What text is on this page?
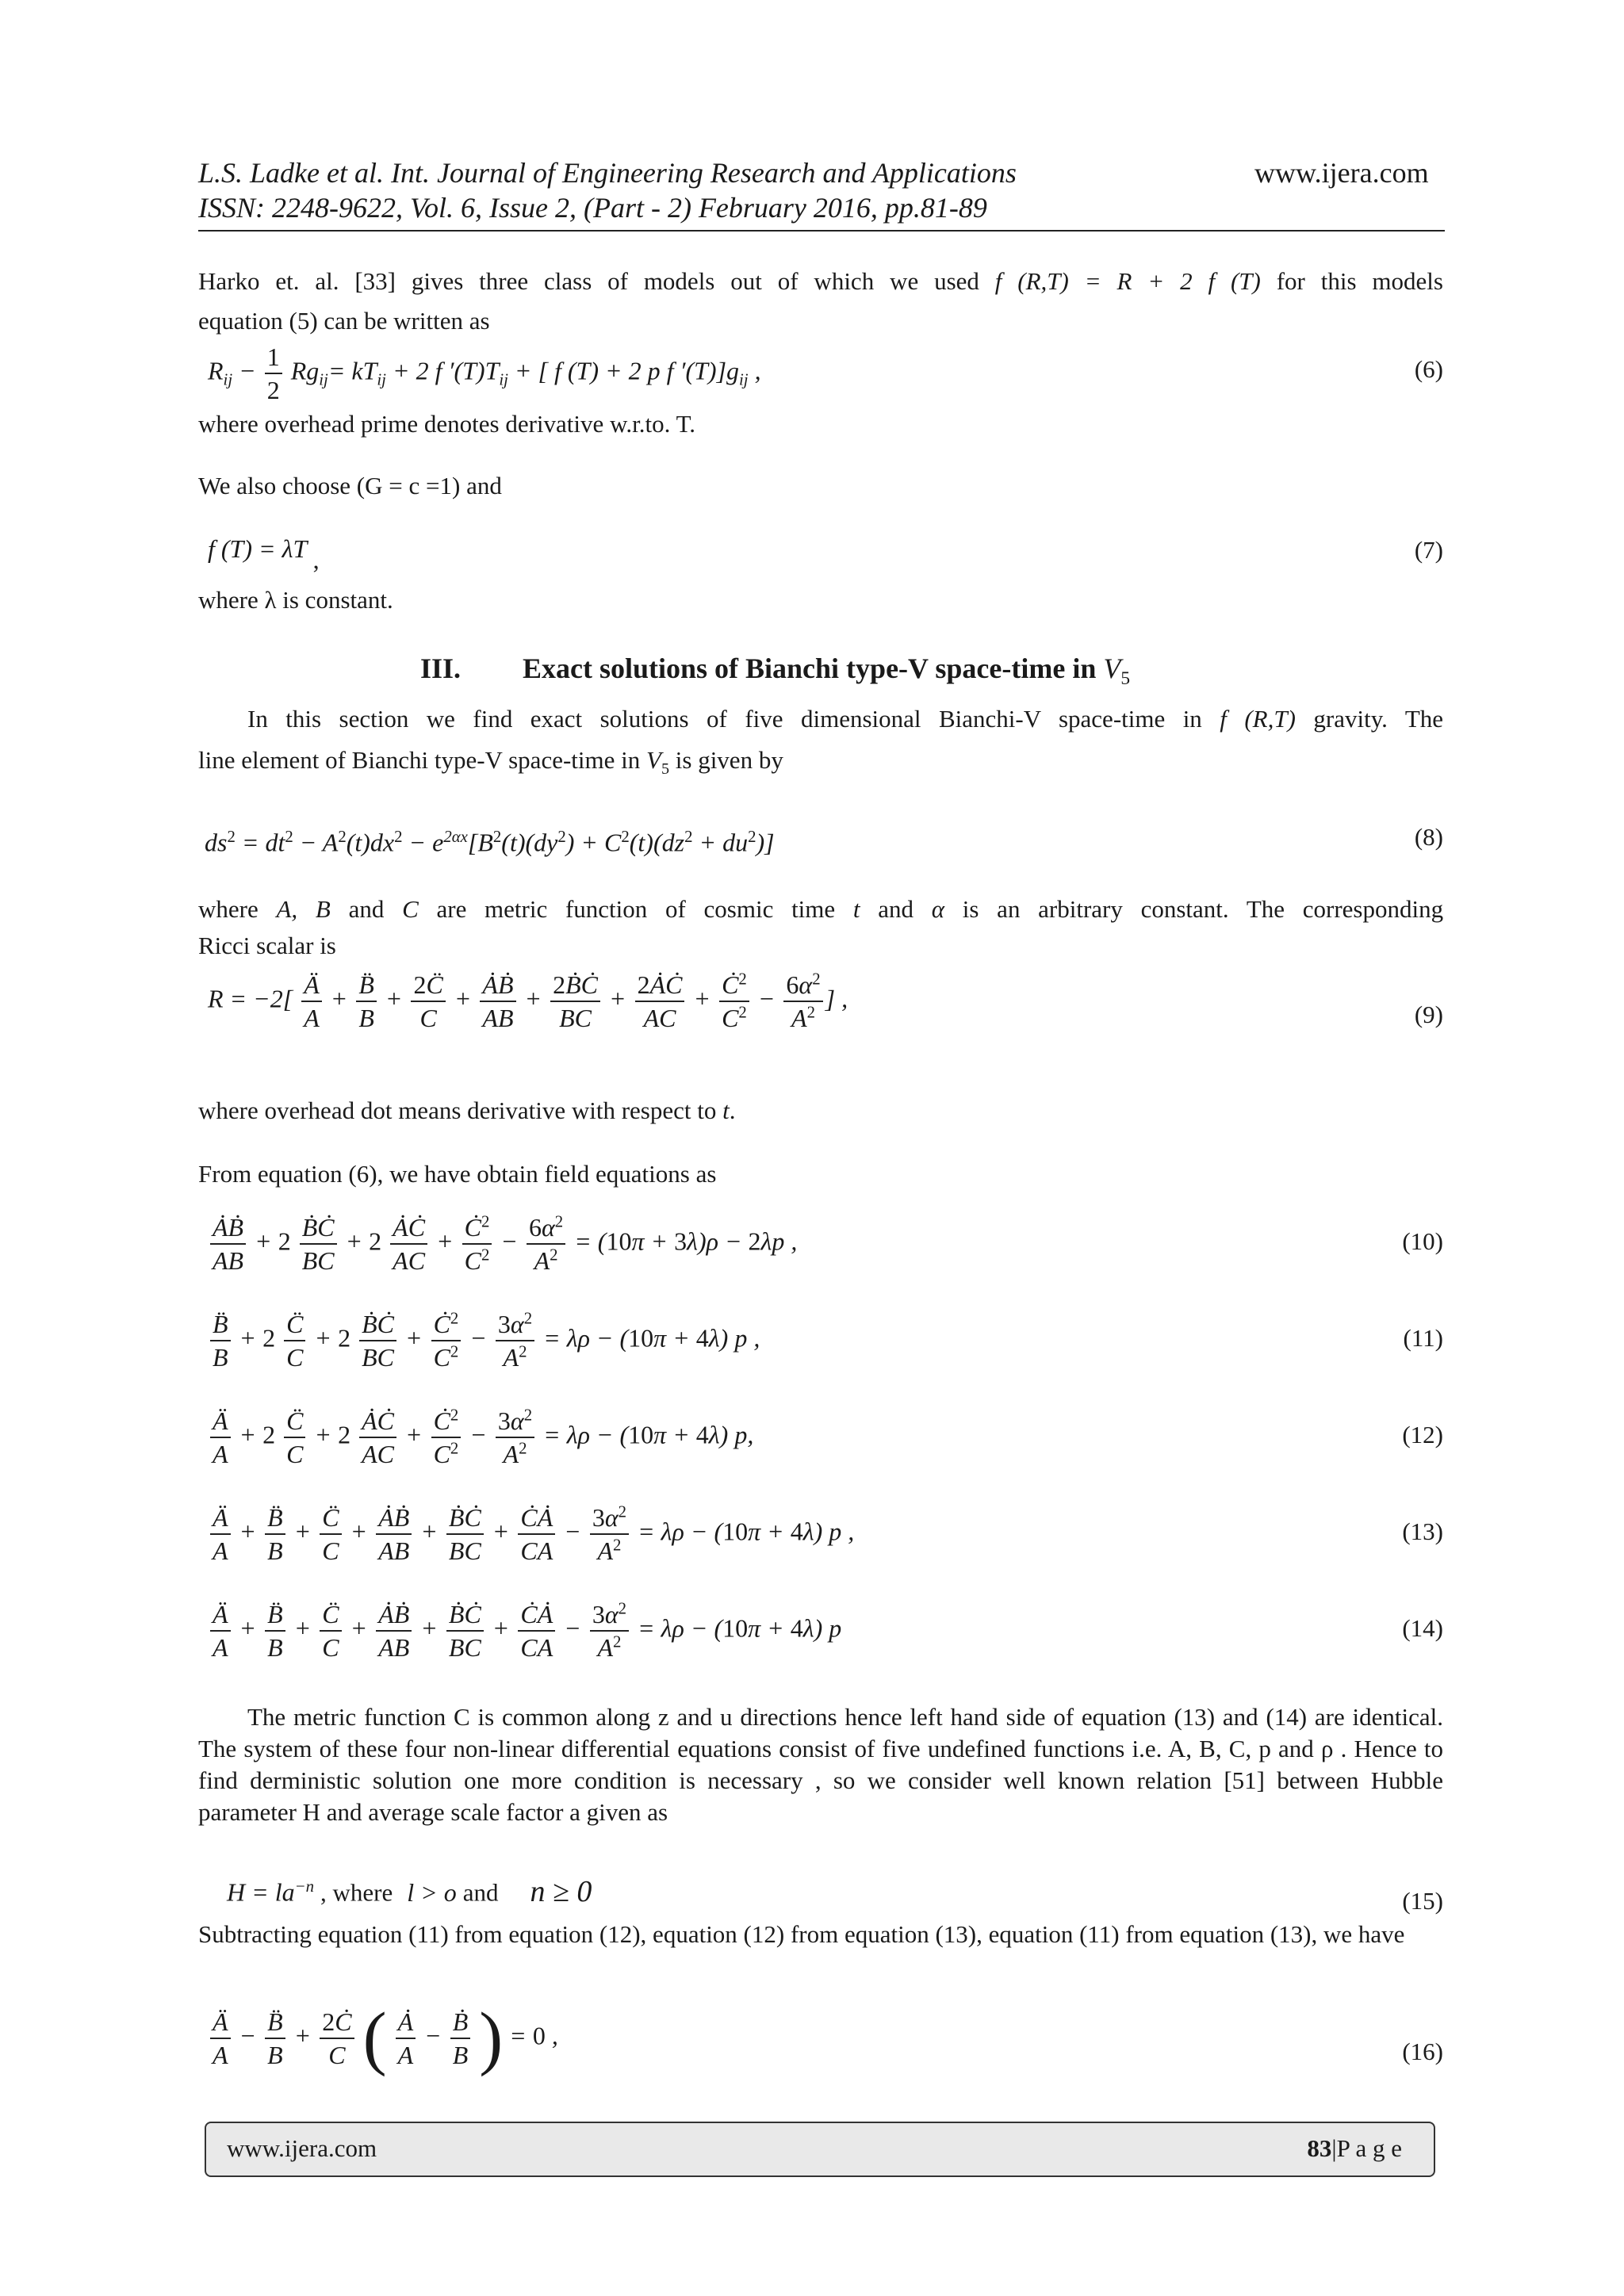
L.S. Ladke et al. Int. Journal of Engineering Research and Applications	www.ijera.com
ISSN: 2248-9622, Vol. 6, Issue 2, (Part - 2) February 2016, pp.81-89
Harko et. al. [33] gives three class of models out of which we used f (R,T) = R + 2 f (T) for this models
equation (5) can be written as
$R_{ij} - \frac{1}{2} Rg_{ij}= kT_{ij} + 2$ f $'(T)T_{ij}$ + [ f (T) + 2 p f $'(T)]g_{ij}$ ,	(6)
where overhead prime denotes derivative w.r.to. T.
We also choose (G = c =1) and
f (T) = λT ,	(7)
where λ is constant.
III. Exact solutions of Bianchi type-V space-time in $V_5$
In this section we find exact solutions of five dimensional Bianchi-V space-time in f (R,T) gravity. The
line element of Bianchi type-V space-time in $V_5$ is given by
$ds^2 = dt^2 - A^2(t)dx^2 - e^{2\alpha x}[B^2(t)(dy^2) + C^2(t)(dz^2 + du^2)]$	(8)
where A, B and C are metric function of cosmic time t and α is an arbitrary constant. The corresponding
Ricci scalar is
$R = -2[ \frac{Ä}{A} + \frac{B̈}{B} + \frac{2C̈}{C} + \frac{\text{ȦḂ}}{AB} + \frac{\text{2ḂĊ}}{BC} + \frac{2ȦĊ}{AC} + \frac{Ċ^2}{C^2} - \frac{6\alpha^2}{A^2}$ ] ,
(9)
where overhead dot means derivative with respect to t.
From equation (6), we have obtain field equations as
$\frac{\text{ȦḂ}}{AB} + 2 \frac{\text{ḂĊ}}{BC} + 2 \frac{ȦĊ}{AC} + \frac{Ċ^2}{C^2} - \frac{6\alpha^2}{A^2} = (10\pi + 3\lambda)\rho - 2\lambda p$ ,	(10)
$\frac{B̈}{B} + 2 \frac{C̈}{C} + 2 \frac{\text{ḂĊ}}{BC} + \frac{Ċ^2}{C^2} - \frac{3\alpha^2}{A^2} = \lambda\rho - (10\pi + 4\lambda)$ p ,	(11)
$\frac{Ä}{A} + 2 \frac{C̈}{C} + 2 \frac{ȦĊ}{AC} + \frac{Ċ^2}{C^2} - \frac{3\alpha^2}{A^2} = \lambda\rho - (10\pi + 4\lambda)$ p,	(12)
$\frac{Ä}{A} + \frac{B̈}{B} + \frac{C̈}{C} + \frac{\text{ȦḂ}}{AB} + \frac{\text{ḂĊ}}{BC} + \frac{ĊȦ}{CA} - \frac{3\alpha^2}{A^2} = \lambda\rho - (10\pi + 4\lambda)$ p ,	(13)
$\frac{Ä}{A} + \frac{B̈}{B} + \frac{C̈}{C} + \frac{\text{ȦḂ}}{AB} + \frac{\text{ḂĊ}}{BC} + \frac{ĊȦ}{CA} - \frac{3\alpha^2}{A^2} = \lambda\rho - (10\pi + 4\lambda)$ p	(14)
The metric function C is common along z and u directions hence left hand side of equation (13) and (14) are identical. The system of these four non-linear differential equations consist of five undefined functions i.e. A, B, C, p and ρ . Hence to find derministic solution one more condition is necessary , so we consider well known relation [51] between Hubble parameter H and average scale factor a given as
$H = la^{-n}$ , where l > o and n ≥ 0	(15)
Subtracting equation (11) from equation (12), equation (12) from equation (13), equation (11) from equation (13), we have
$\frac{Ä}{A} - \frac{B̈}{B} + \frac{2Ċ}{C}$ ( $\frac{Ȧ}{A} - \frac{\text{Ḃ}}{B}$ ) = 0 ,
(16)
www.ijera.com	83|P a g e
